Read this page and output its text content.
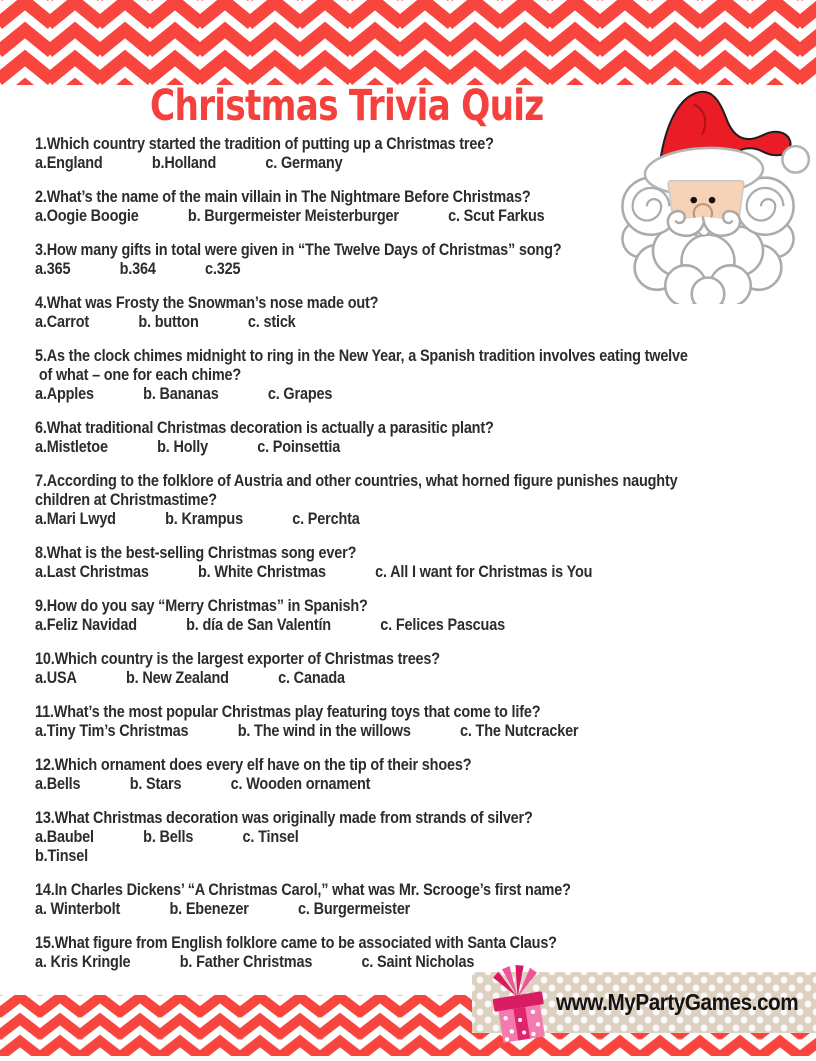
Christmas Trivia Quiz
1.Which country started the tradition of putting up a Christmas tree?
a.England	b.Holland	c. Germany
2.What’s the name of the main villain in The Nightmare Before Christmas?
a.Oogie Boogie	b. Burgermeister Meisterburger	c. Scut Farkus
3.How many gifts in total were given in “The Twelve Days of Christmas” song?
a.365	b.364	c.325
4.What was Frosty the Snowman’s nose made out?
a.Carrot	b. button	c. stick
5.As the clock chimes midnight to ring in the New Year, a Spanish tradition involves eating twelve
of what – one for each chime?
a.Apples	b. Bananas	c. Grapes
6.What traditional Christmas decoration is actually a parasitic plant?
a.Mistletoe	b. Holly	c. Poinsettia
7.According to the folklore of Austria and other countries, what horned figure punishes naughty
children at Christmastime?
a.Mari Lwyd	b. Krampus	c. Perchta
8.What is the best-selling Christmas song ever?
a.Last Christmas	b. White Christmas	c. All I want for Christmas is You
9.How do you say “Merry Christmas” in Spanish?
a.Feliz Navidad	b. día de San Valentín	c. Felices Pascuas
10.Which country is the largest exporter of Christmas trees?
a.USA	b. New Zealand	c. Canada
11.What’s the most popular Christmas play featuring toys that come to life?
a.Tiny Tim’s Christmas	b. The wind in the willows	c. The Nutcracker
12.Which ornament does every elf have on the tip of their shoes?
a.Bells	b. Stars	c. Wooden ornament
13.What Christmas decoration was originally made from strands of silver?
a.Baubel	b. Bells	c. Tinsel
b.Tinsel
14.In Charles Dickens’ “A Christmas Carol,” what was Mr. Scrooge’s first name?
a. Winterbolt	b. Ebenezer	c. Burgermeister
15.What figure from English folklore came to be associated with Santa Claus?
a. Kris Kringle	b. Father Christmas	c. Saint Nicholas
www.MyPartyGames.com
